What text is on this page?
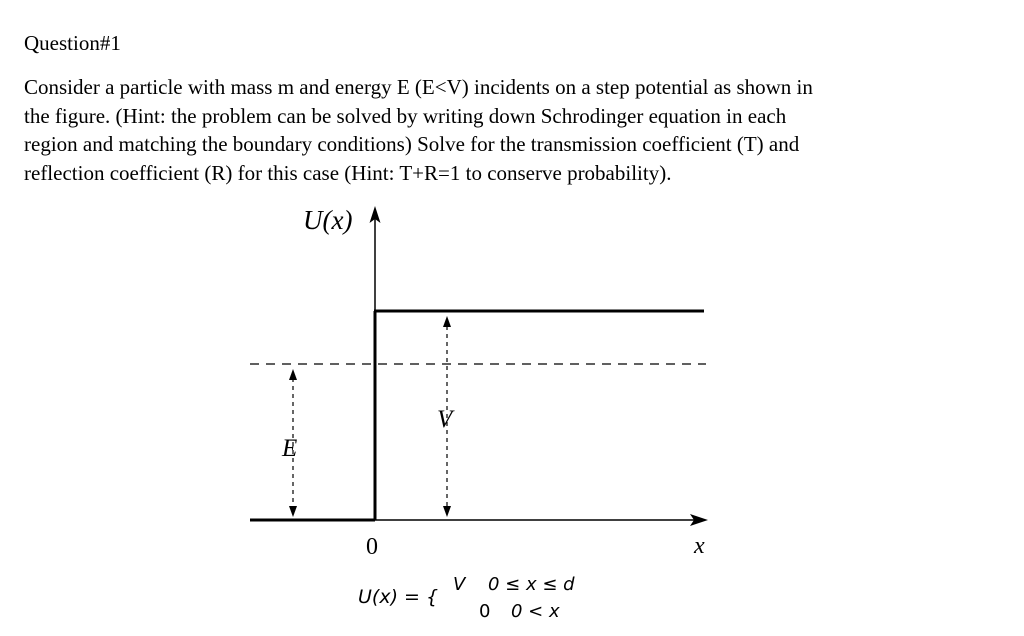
Question#1
Consider a particle with mass m and energy E (E<V) incidents on a step potential as shown in
the figure. (Hint: the problem can be solved by writing down Schrodinger equation in each
region and matching the boundary conditions) Solve for the transmission coefficient (T) and
reflection coefficient (R) for this case (Hint: T+R=1 to conserve probability).
U(x)
x
0
E
V
U(x) = {
V 0 ≤ x ≤ d
0 0 < x
